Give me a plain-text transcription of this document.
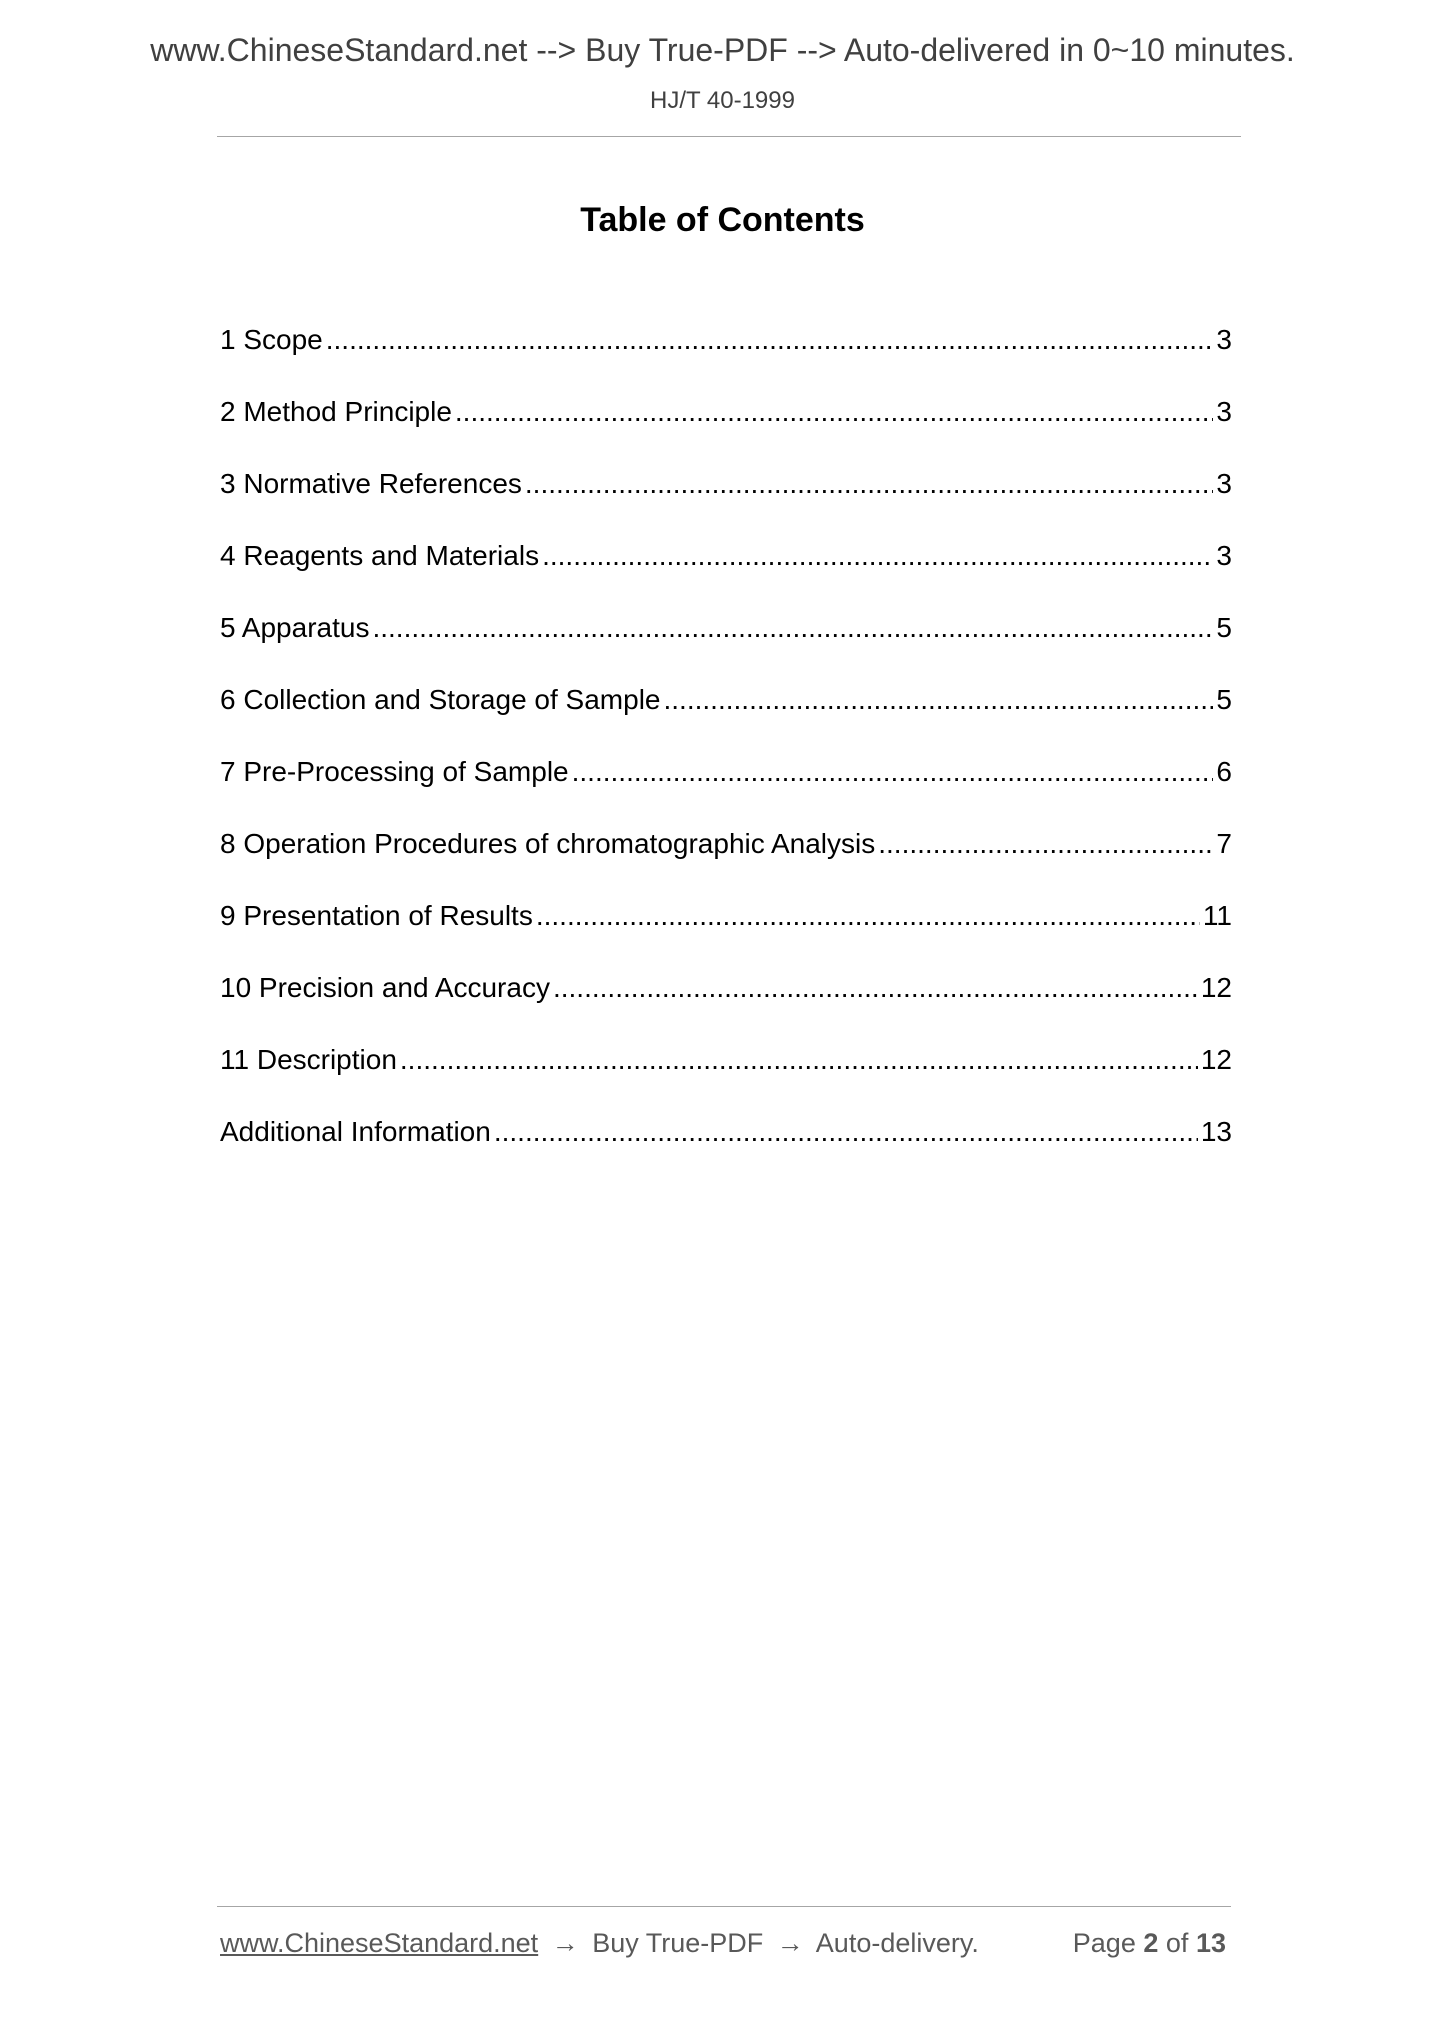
www.ChineseStandard.net --> Buy True-PDF --> Auto-delivered in 0~10 minutes.
HJ/T 40-1999
Table of Contents
1 Scope .....	3
2 Method Principle .....	3
3 Normative References .....	3
4 Reagents and Materials .....	3
5 Apparatus .....	5
6 Collection and Storage of Sample .....	5
7 Pre-Processing of Sample .....	6
8 Operation Procedures of chromatographic Analysis .....	7
9 Presentation of Results .....	11
10 Precision and Accuracy .....	12
11 Description .....	12
Additional Information .....	13
www.ChineseStandard.net → Buy True-PDF → Auto-delivery.	Page 2 of 13
